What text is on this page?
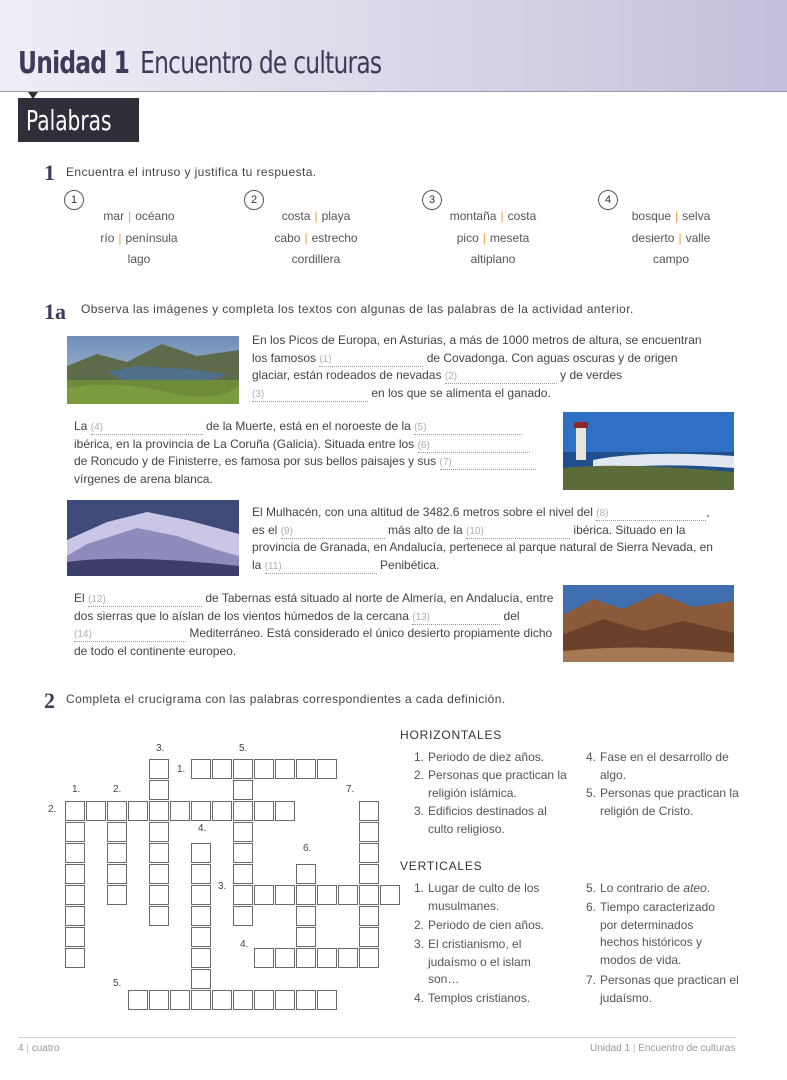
Unidad 1 Encuentro de culturas
Palabras
1 Encuentra el intruso y justifica tu respuesta.
1
mar | océano
río | península
lago
2
costa | playa
cabo | estrecho
cordillera
3
montaña | costa
pico | meseta
altiplano
4
bosque | selva
desierto | valle
campo
1a Observa las imágenes y completa los textos con algunas de las palabras de la actividad anterior.
En los Picos de Europa, en Asturias, a más de 1000 metros de altura, se encuentran los famosos (1)	de Covadonga. Con aguas oscuras y de origen glaciar, están rodeados de nevadas (2)	y de verdes (3)	en los que se alimenta el ganado.
La (4)	de la Muerte, está en el noroeste de la (5) ibérica, en la provincia de La Coruña (Galicia). Situada entre los (6) de Roncudo y de Finisterre, es famosa por sus bellos paisajes y sus (7) vírgenes de arena blanca.
El Mulhacén, con una altitud de 3482.6 metros sobre el nivel del (8)	, es el (9)	más alto de la (10)	ibérica. Situado en la provincia de Granada, en Andalucía, pertenece al parque natural de Sierra Nevada, en la (11)	Penibética.
El (12)	de Tabernas está situado al norte de Almería, en Andalucía, entre dos sierras que lo aíslan de los vientos húmedos de la cercana (13)	del (14)	Mediterráneo. Está considerado el único desierto propiamente dicho de todo el continente europeo.
2 Completa el crucigrama con las palabras correspondientes a cada definición.
3.	5.
1.
1.	2.	7.
2.
4.
6.
3.
4.
5.
HORIZONTALES
1. Periodo de diez años.
2. Personas que practican la religión islámica.
3. Edificios destinados al culto religioso.
4. Fase en el desarrollo de algo.
5. Personas que practican la religión de Cristo.
VERTICALES
1. Lugar de culto de los musulmanes.
2. Periodo de cien años.
3. El cristianismo, el judaísmo o el islam son…
4. Templos cristianos.
5. Lo contrario de ateo.
6. Tiempo caracterizado por determinados hechos históricos y modos de vida.
7. Personas que practican el judaísmo.
4 | cuatro	Unidad 1 | Encuentro de culturas
